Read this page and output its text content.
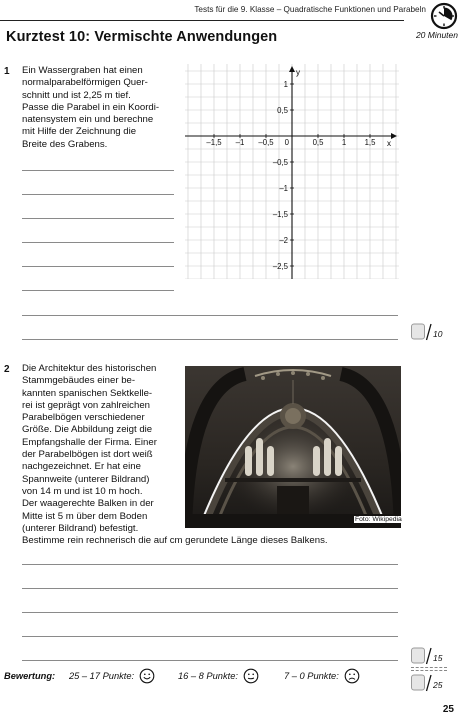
Tests für die 9. Klasse – Quadratische Funktionen und Parabeln
20 Minuten
Kurztest 10: Vermischte Anwendungen
1 Ein Wassergraben hat einen
normalparabelförmigen Quer-
schnitt und ist 2,25 m tief.
Passe die Parabel in ein Koordi-
natensystem ein und berechne
mit Hilfe der Zeichnung die
Breite des Grabens.	x
y
–1,5 –1 –0,5 0	0,5 1 1,5
1
0,5
–0,5
–1
–1,5
–2
–2,5
10
2 Die Architektur des historischen
Stammgebäudes einer be-
kannten spanischen Sektkelle-
rei ist geprägt von zahlreichen
Parabelbögen verschiedener
Größe. Die Abbildung zeigt die
Empfangshalle der Firma. Einer
der Parabelbögen ist dort weiß
nachgezeichnet. Er hat eine
Spannweite (unterer Bildrand)
von 14 m und ist 10 m hoch.
Der waagerechte Balken in der
Mitte ist 5 m über dem Boden
(unterer Bildrand) befestigt.
Bestimme rein rechnerisch die auf cm gerundete Länge dieses Balkens.
Foto: Wikipedia
15
25
Bewertung: 25 – 17 Punkte:	16 – 8 Punkte:	7 – 0 Punkte:
25
